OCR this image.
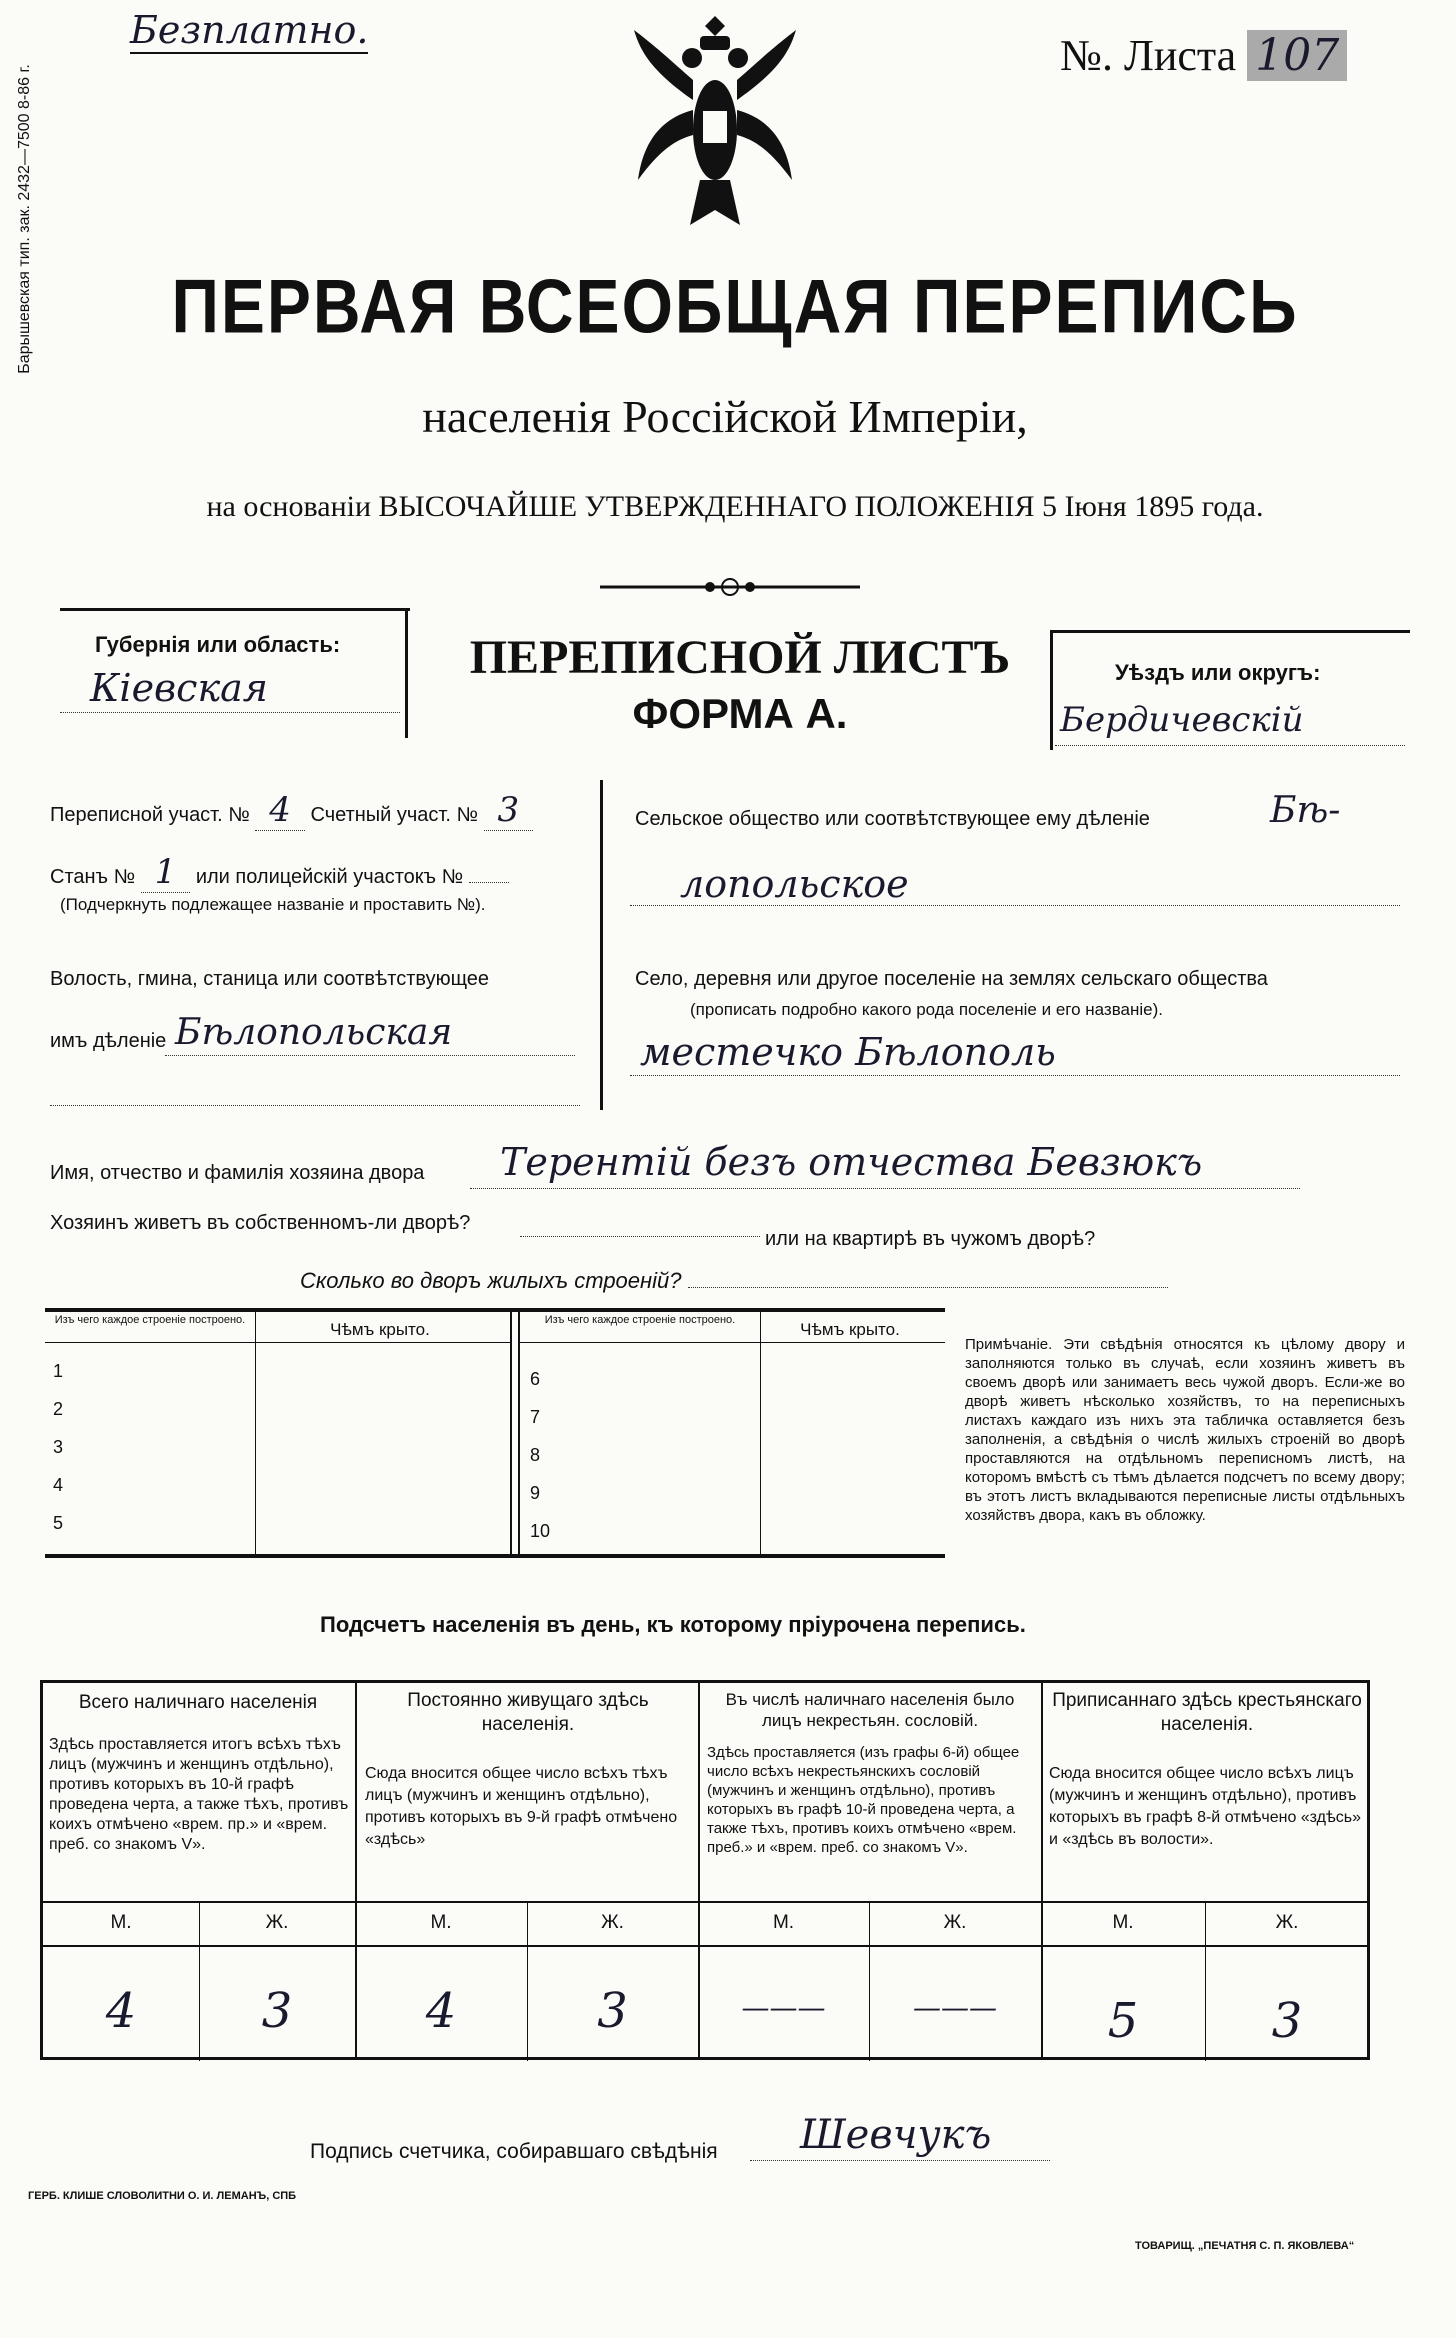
Барышевская тип. зак. 2432—7500 8-86 г.
Безплатно.
№. Листа 107
ПЕРВАЯ ВСЕОБЩАЯ ПЕРЕПИСЬ
населенія Россійской Имперіи,
на основаніи ВЫСОЧАЙШЕ УТВЕРЖДЕННАГО ПОЛОЖЕНІЯ 5 Іюня 1895 года.
Губернія или область:
Кіевская
ПЕРЕПИСНОЙ ЛИСТЪ
ФОРМА А.
Уѣздъ или округъ:
Бердичевскій
Переписной участ. № 4 Счетный участ. № 3
Станъ № 1 или полицейскій участокъ №
(Подчеркнуть подлежащее названіе и проставить №).
Волость, гмина, станица или соотвѣтствующее
имъ дѣленіе Бѣлопольская
Сельское общество или соотвѣтствующее ему дѣленіе	Бѣ-
лопольское
Село, деревня или другое поселеніе на землях сельскаго общества
(прописать подробно какого рода поселеніе и его названіе).
местечко Бѣлополь
Имя, отчество и фамилія хозяина двора Терентій безъ отчества Бевзюкъ
Хозяинъ живетъ въ собственномъ-ли дворѣ?
или на квартирѣ въ чужомъ дворѣ?
Сколько во дворъ жилыхъ строеній?
Изъ чего каждое строеніе построено.	Чѣмъ крыто.	Изъ чего каждое строеніе построено.	Чѣмъ крыто.
1
2
3
4
5
6
7
8
9
10
Примѣчаніе. Эти свѣдѣнія относятся къ цѣлому двору и заполняются только въ случаѣ, если хозяинъ живетъ въ своемъ дворѣ или занимаетъ весь чужой дворъ. Если-же во дворѣ живетъ нѣсколько хозяйствъ, то на переписныхъ листахъ каждаго изъ нихъ эта табличка оставляется безъ заполненія, а свѣдѣнія о числѣ жилыхъ строеній во дворѣ проставляются на отдѣльномъ переписномъ листѣ, на которомъ вмѣстѣ съ тѣмъ дѣлается подсчетъ по всему двору; въ этотъ листъ вкладываются переписные листы отдѣльныхъ хозяйствъ двора, какъ въ обложку.
Подсчетъ населенія въ день, къ которому пріурочена перепись.
Всего наличнаго населенія
Здѣсь проставляется итогъ всѣхъ тѣхъ лицъ (мужчинъ и женщинъ отдѣльно), противъ которыхъ въ 10-й графѣ проведена черта, а также тѣхъ, противъ коихъ отмѣчено «врем. пр.» и «врем. преб. со знакомъ V».
Постоянно живущаго здѣсь населенія.
Сюда вносится общее число всѣхъ тѣхъ лицъ (мужчинъ и женщинъ отдѣльно), противъ которыхъ въ 9-й графѣ отмѣчено «здѣсь»
Въ числѣ наличнаго населенія было лицъ некрестьян. сословій.
Здѣсь проставляется (изъ графы 6-й) общее число всѣхъ некрестьянскихъ сословій (мужчинъ и женщинъ отдѣльно), противъ которыхъ въ графѣ 10-й проведена черта, а также тѣхъ, противъ коихъ отмѣчено «врем. преб.» и «врем. преб. со знакомъ V».
Приписаннаго здѣсь крестьянскаго населенія.
Сюда вносится общее число всѣхъ лицъ (мужчинъ и женщинъ отдѣльно), противъ которыхъ въ графѣ 8-й отмѣчено «здѣсь» и «здѣсь въ волости».
М.	Ж.	М.	Ж.	М.	Ж.	М.	Ж.
4	3	4	3	———	———	5	3
Подпись счетчика, собиравшаго свѣдѣнія Шевчукъ
ГЕРБ. КЛИШЕ СЛОВОЛИТНИ О. И. ЛЕМАНЪ, СПБ
ТОВАРИЩ. „ПЕЧАТНЯ С. П. ЯКОВЛЕВА“
